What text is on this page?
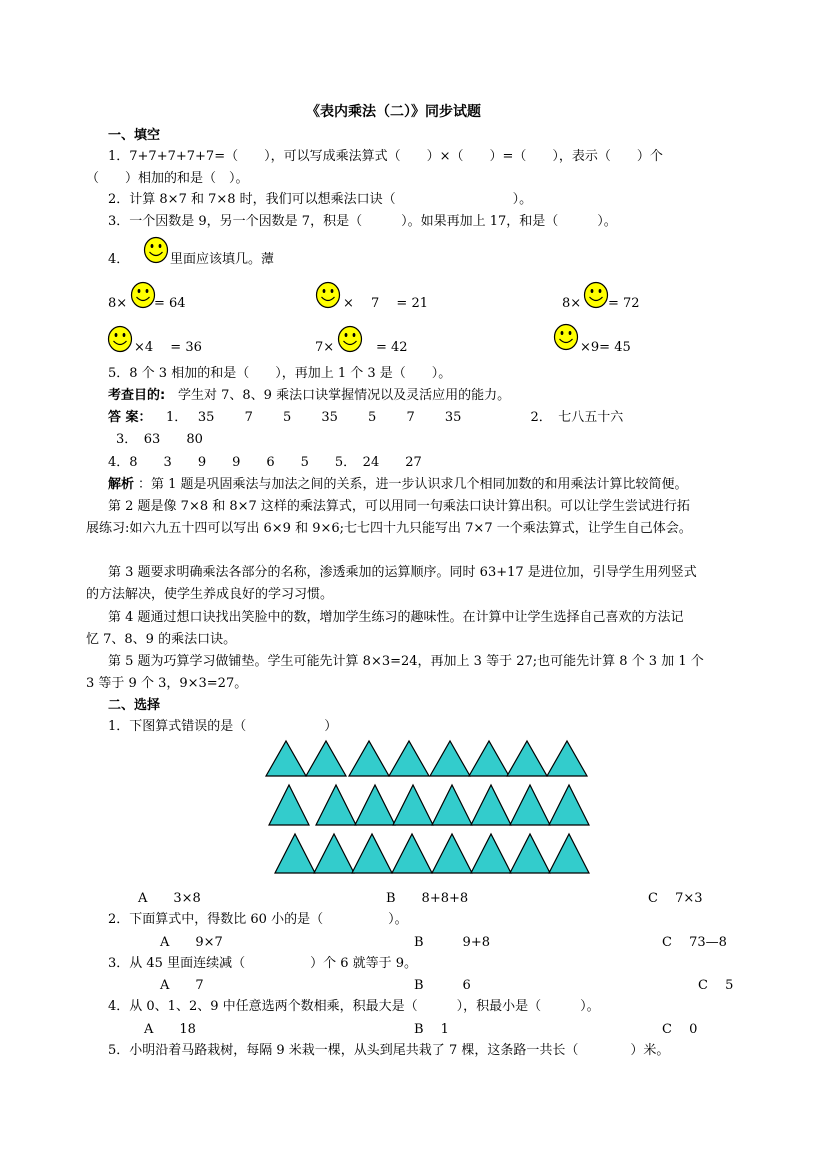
《表内乘法（二）》同步试题
一、填空
1．7+7+7+7+7=（　　），可以写成乘法算式（　　）×（　　）=（　　），表示（　　）个
（　　）相加的和是（　）。
2．计算 8×7 和 7×8 时，我们可以想乘法口诀（　　　　　　　　　）。
3．一个因数是 9，另一个因数是 7，积是（　　　）。如果再加上 17，和是（　　　）。
4．	里面应该填几。藫
8× = 64	×　 7　 = 21	8× = 72
×4　 = 36	7×	= 42	×9= 45
5．8 个 3 相加的和是（　　），再加上 1 个 3 是（　　）。
考查目的: 学生对 7、8、9 乘法口诀掌握情况以及灵活应用的能力。
答 案： 1．　 35　　 7　　 5　　 35　　 5　　 7　　 35　　　　　 2．　七八五十六
3．　63　　80
4．8　　3　　9　　9　　6　　5　　5．　24　　27
解析 ：第 1 题是巩固乘法与加法之间的关系，进一步认识求几个相同加数的和用乘法计算比较简便。
第 2 题是像 7×8 和 8×7 这样的乘法算式，可以用同一句乘法口诀计算出积。可以让学生尝试进行拓
展练习:如六九五十四可以写出 6×9 和 9×6;七七四十九只能写出 7×7 一个乘法算式，让学生自己体会。
第 3 题要求明确乘法各部分的名称，渗透乘加的运算顺序。同时 63+17 是进位加，引导学生用列竖式
的方法解决，使学生养成良好的学习习惯。
第 4 题通过想口诀找出笑脸中的数，增加学生练习的趣味性。在计算中让学生选择自己喜欢的方法记
忆 7、8、9 的乘法口诀。
第 5 题为巧算学习做铺垫。学生可能先计算 8×3=24，再加上 3 等于 27;也可能先计算 8 个 3 加 1 个
3 等于 9 个 3，9×3=27。
二、选择
1．下图算式错误的是（　　　　　　）
A　　3×8	B　　8+8+8	C　 7×3
2．下面算式中，得数比 60 小的是（　　　　　）。
A　　9×7	B　　　9+8	C　 73—8
3．从 45 里面连续减（　　　　　）个 6 就等于 9。
A　　7	B　　　6	C　 5
4．从 0、1、2、9 中任意选两个数相乘，积最大是（　　　），积最小是（　　　）。
A　　18	B　 1	C　 0
5．小明沿着马路栽树，每隔 9 米栽一棵，从头到尾共栽了 7 棵，这条路一共长（　　　　）米。
